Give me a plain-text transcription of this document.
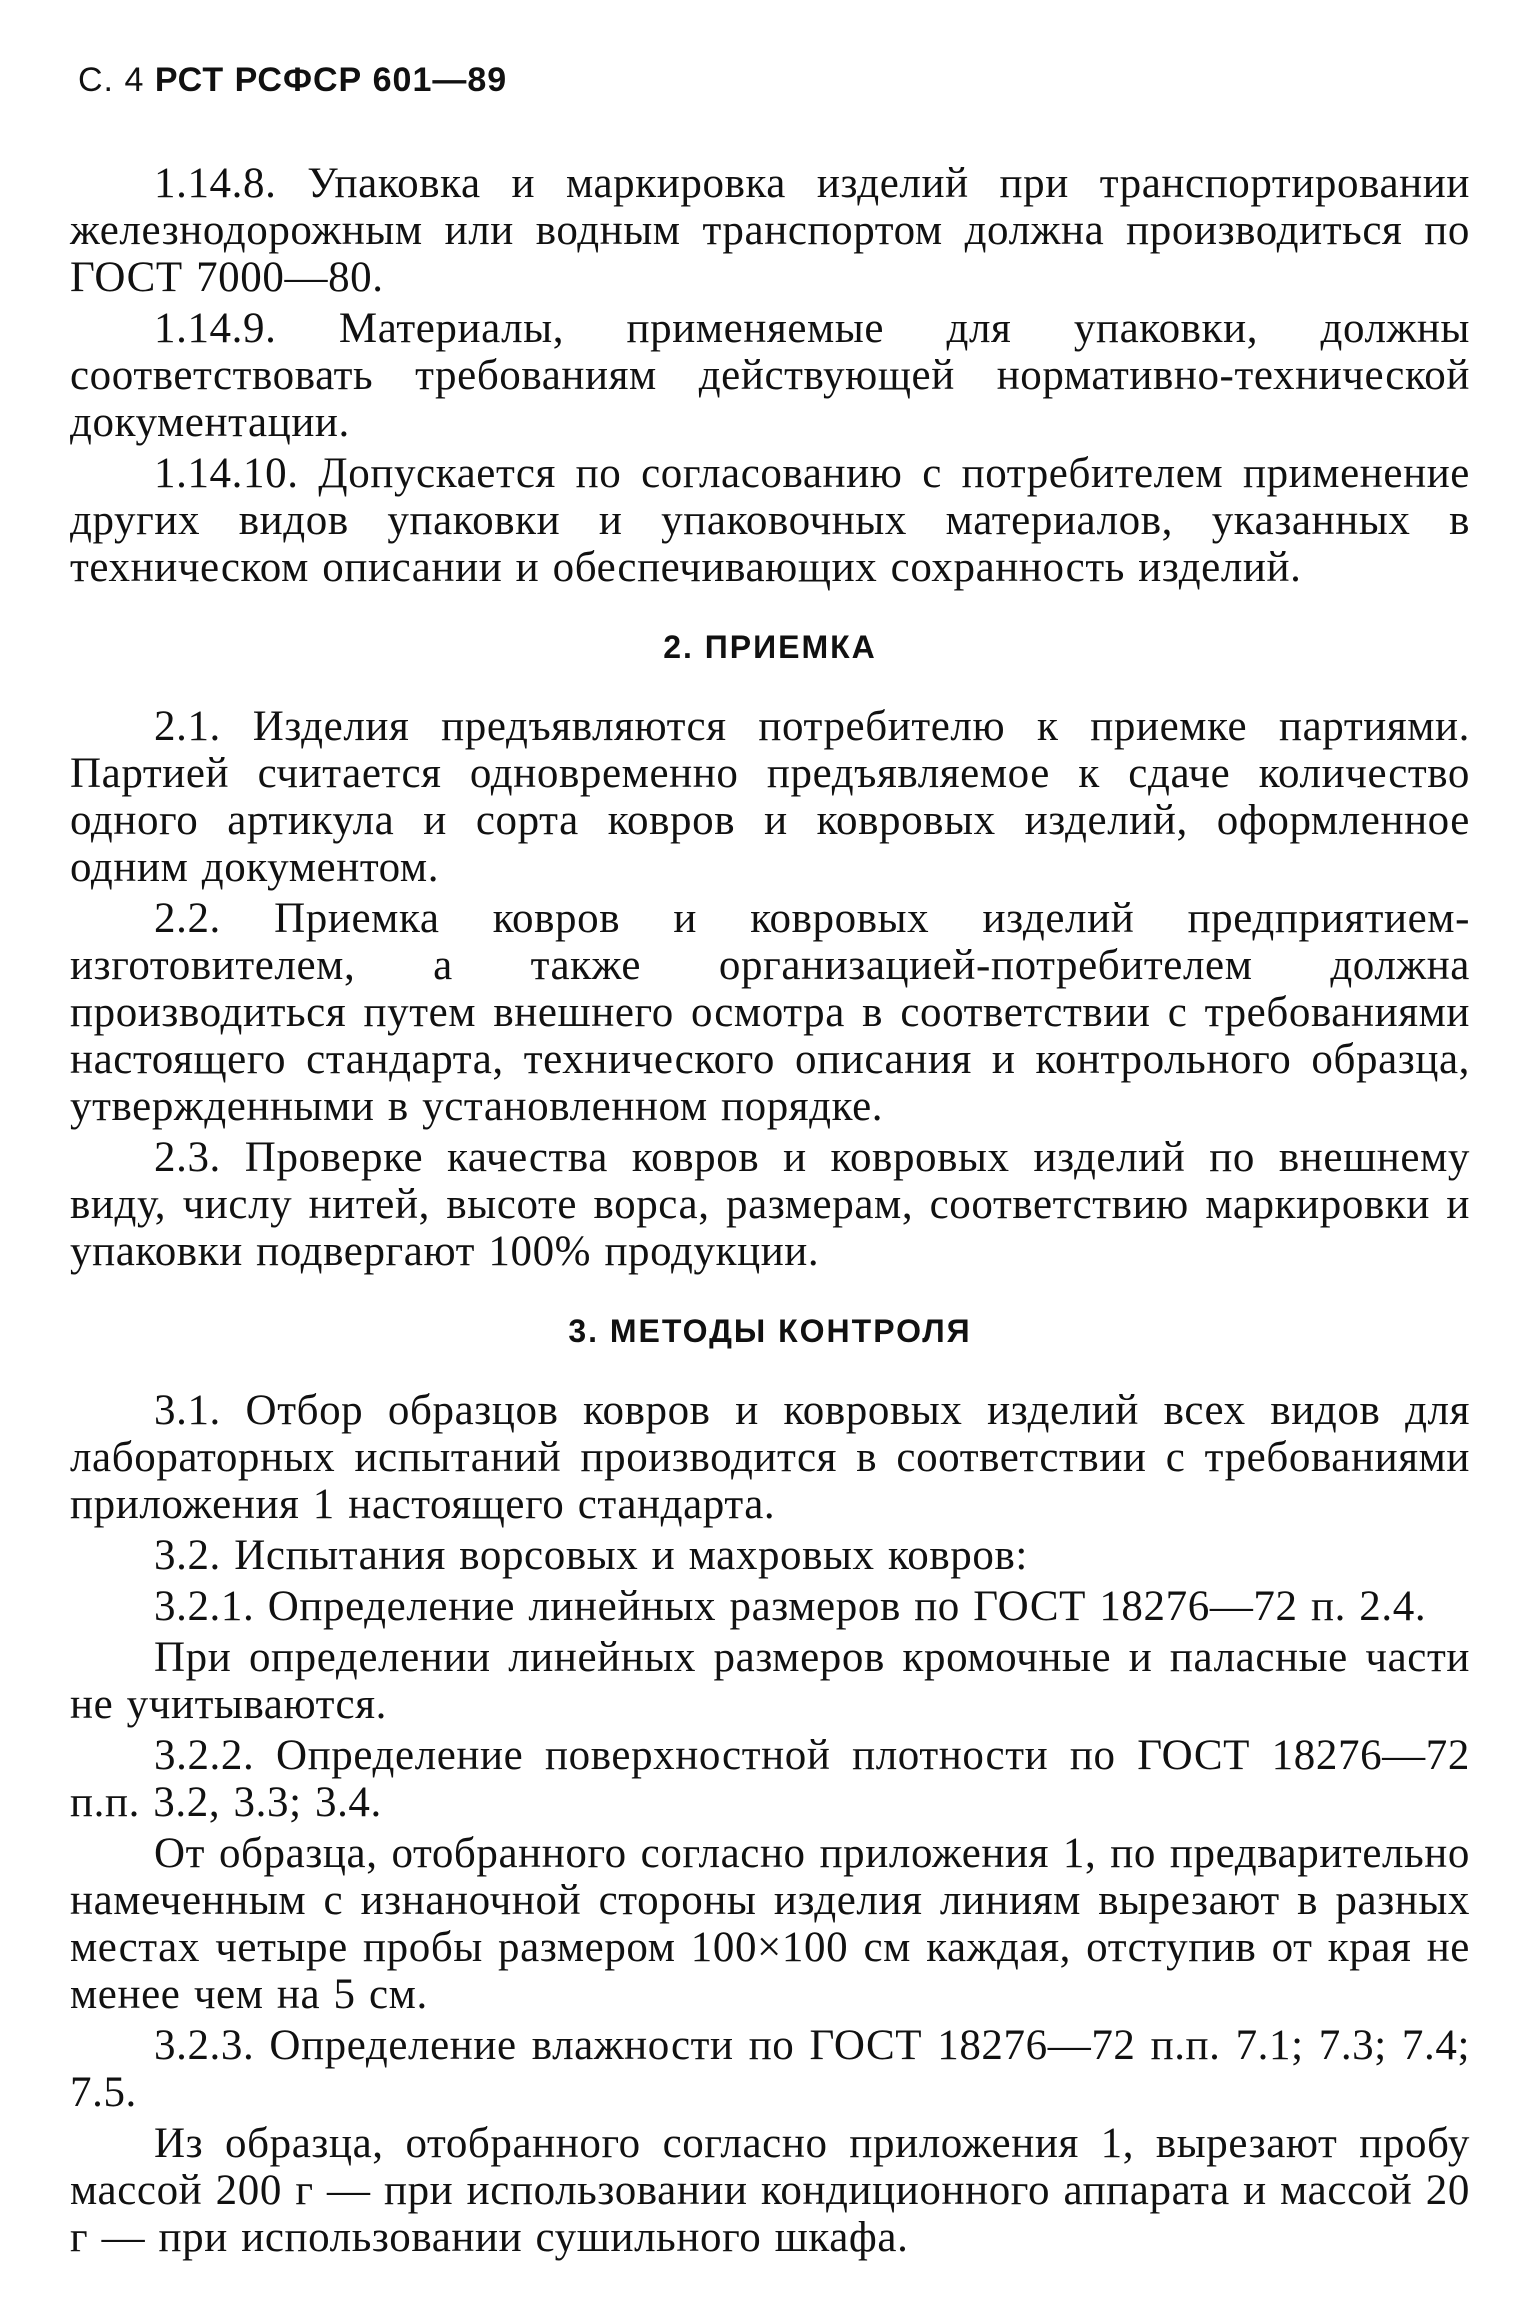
С. 4 РСТ РСФСР 601—89

1.14.8. Упаковка и маркировка изделий при транспортировании железнодорожным или водным транспортом должна производиться по ГОСТ 7000—80.

1.14.9. Материалы, применяемые для упаковки, должны соответствовать требованиям действующей нормативно-технической документации.

1.14.10. Допускается по согласованию с потребителем применение других видов упаковки и упаковочных материалов, указанных в техническом описании и обеспечивающих сохранность изделий.

2. ПРИЕМКА

2.1. Изделия предъявляются потребителю к приемке партиями. Партией считается одновременно предъявляемое к сдаче количество одного артикула и сорта ковров и ковровых изделий, оформленное одним документом.

2.2. Приемка ковров и ковровых изделий предприятием-изготовителем, а также организацией-потребителем должна производиться путем внешнего осмотра в соответствии с требованиями настоящего стандарта, технического описания и контрольного образца, утвержденными в установленном порядке.

2.3. Проверке качества ковров и ковровых изделий по внешнему виду, числу нитей, высоте ворса, размерам, соответствию маркировки и упаковки подвергают 100% продукции.

3. МЕТОДЫ КОНТРОЛЯ

3.1. Отбор образцов ковров и ковровых изделий всех видов для лабораторных испытаний производится в соответствии с требованиями приложения 1 настоящего стандарта.

3.2. Испытания ворсовых и махровых ковров:

3.2.1. Определение линейных размеров по ГОСТ 18276—72 п. 2.4.

При определении линейных размеров кромочные и паласные части не учитываются.

3.2.2. Определение поверхностной плотности по ГОСТ 18276—72 п.п. 3.2, 3.3; 3.4.

От образца, отобранного согласно приложения 1, по предварительно намеченным с изнаночной стороны изделия линиям вырезают в разных местах четыре пробы размером 100×100 см каждая, отступив от края не менее чем на 5 см.

3.2.3. Определение влажности по ГОСТ 18276—72 п.п. 7.1; 7.3; 7.4; 7.5.

Из образца, отобранного согласно приложения 1, вырезают пробу массой 200 г — при использовании кондиционного аппарата и массой 20 г — при использовании сушильного шкафа.
